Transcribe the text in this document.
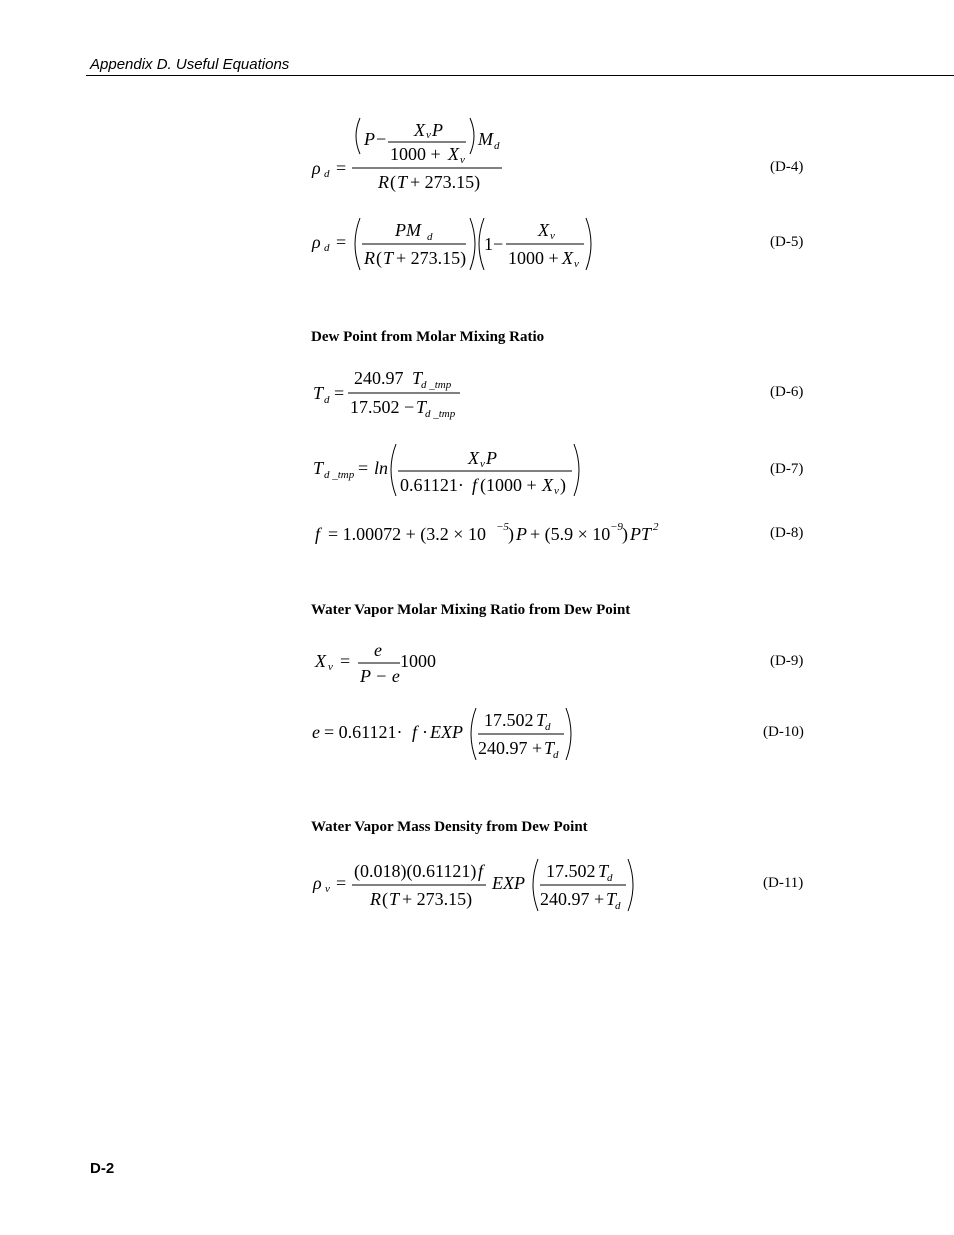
Appendix D. Useful Equations
ρ d =
P − X v P
1000 + X v
M d
R ( T + 273.15)
(D-4)
ρ d =
PM d
R ( T + 273.15)
1−
X v
1000 + X v
(D-5)
Dew Point from Molar Mixing Ratio
T d =
240.97 T
d _tmp
17.502 − T
d _tmp
(D-6)
T d _tmp = ln	X v P
0.61121· f (1000 + X v )
(D-7)
f = 1.00072 + (3.2 × 10 −5 ) P + (5.9 × 10 −9 ) PT 2	(D-8)
Water Vapor Molar Mixing Ratio from Dew Point
X v =
e
P − e
1000	(D-9)
e = 0.61121· f · EXP
17.502 T
d
240.97 + T
d
(D-10)
Water Vapor Mass Density from Dew Point
ρ v =
(0.018)(0.61121) f
R ( T + 273.15)
EXP
17.502 T
d
240.97 + T
d
(D-11)
D-2
